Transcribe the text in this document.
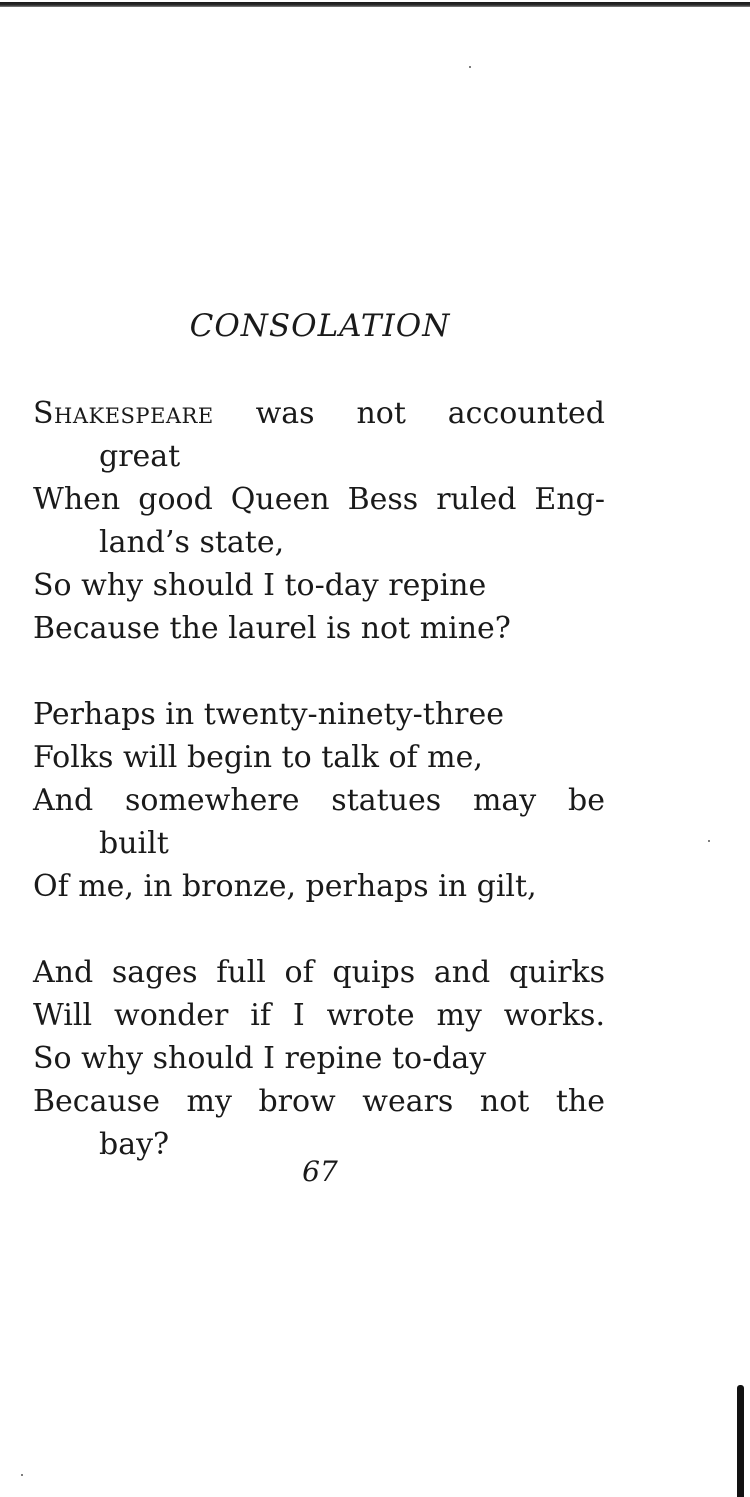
CONSOLATION
Shakespeare was not accounted
great
When good Queen Bess ruled Eng-
land’s state,
So why should I to-day repine
Because the laurel is not mine?
Perhaps in twenty-ninety-three
Folks will begin to talk of me,
And somewhere statues may be
built
Of me, in bronze, perhaps in gilt,
And sages full of quips and quirks
Will wonder if I wrote my works.
So why should I repine to-day
Because my brow wears not the
bay?
67
